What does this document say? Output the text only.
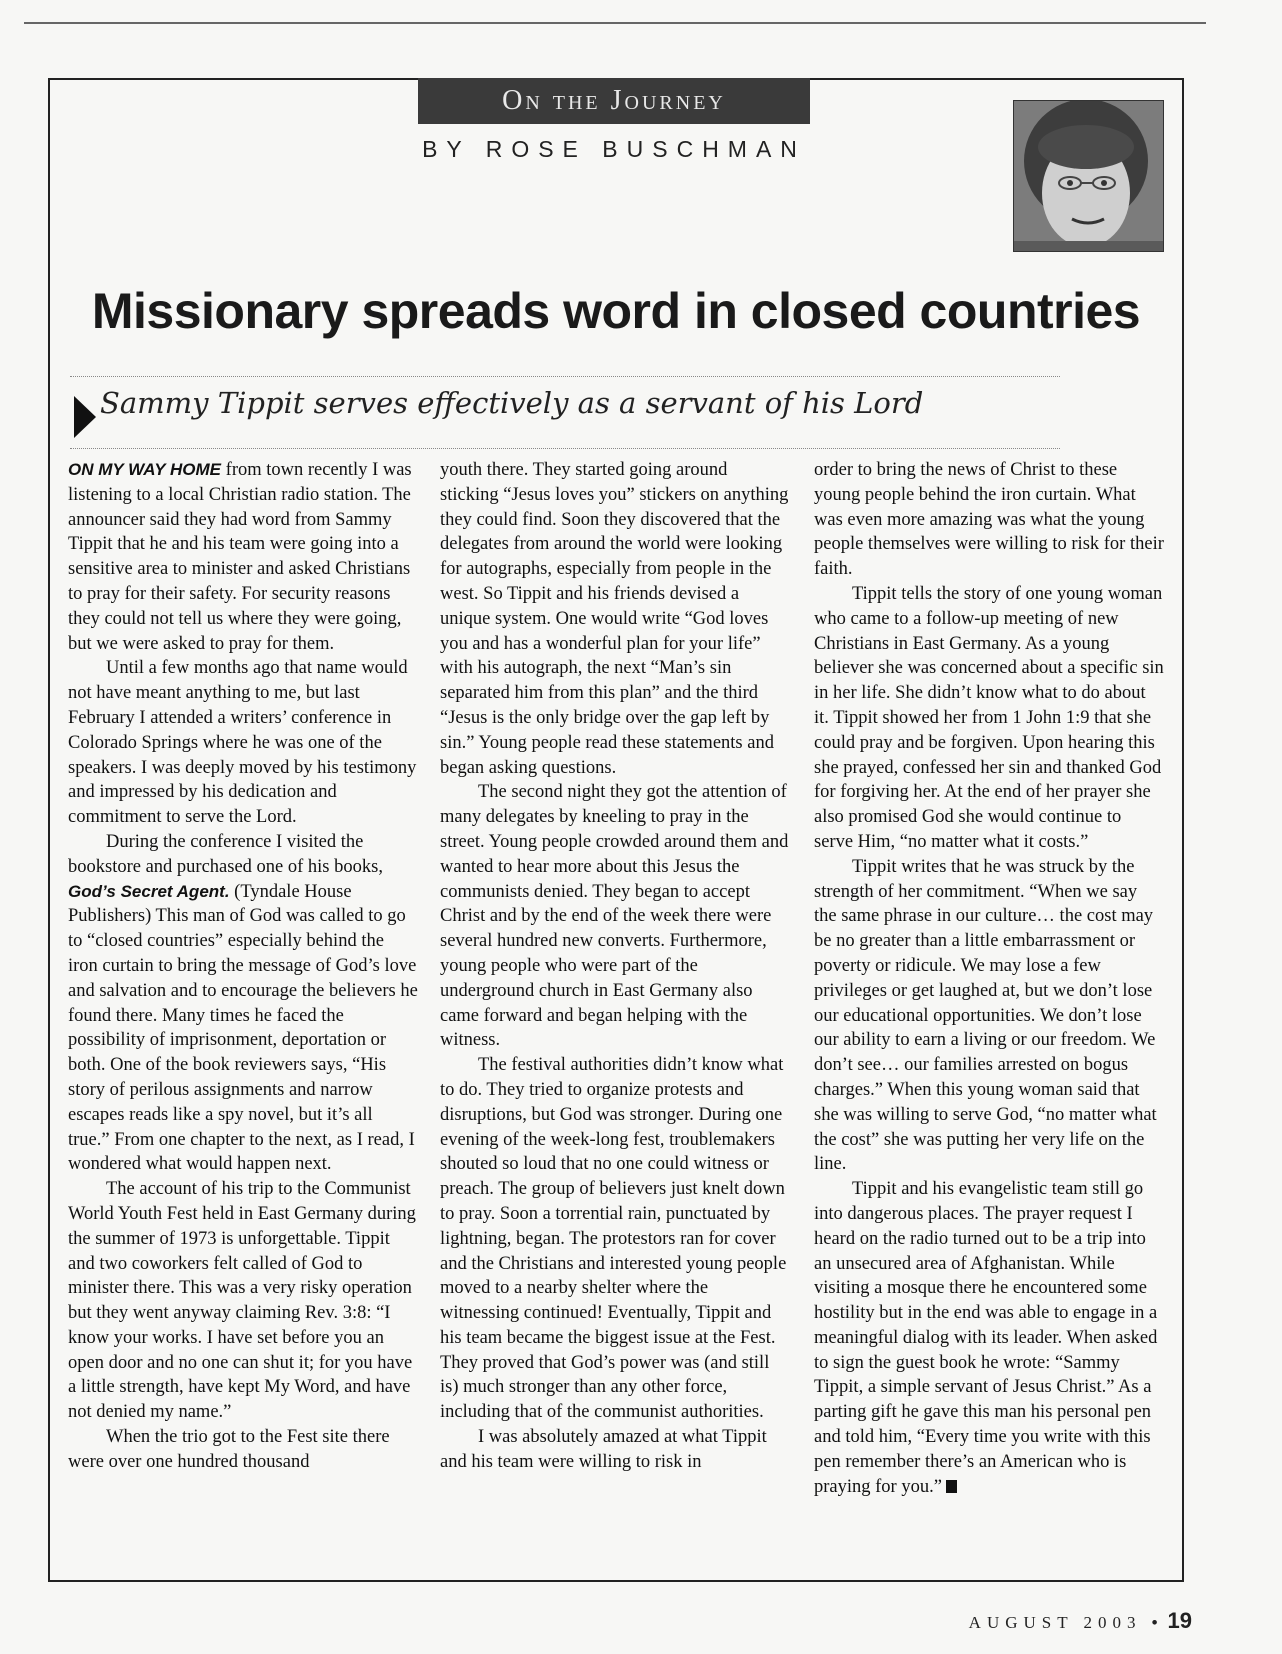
On the Journey
BY ROSE BUSCHMAN
Missionary spreads word in closed countries
Sammy Tippit serves effectively as a servant of his Lord

ON MY WAY HOME from town recently I was listening to a local Christian radio station. The announcer said they had word from Sammy Tippit that he and his team were going into a sensitive area to minister and asked Christians to pray for their safety. For security reasons they could not tell us where they were going, but we were asked to pray for them.

Until a few months ago that name would not have meant anything to me, but last February I attended a writers’ conference in Colorado Springs where he was one of the speakers. I was deeply moved by his testimony and impressed by his dedication and commitment to serve the Lord.

During the conference I visited the bookstore and purchased one of his books, God’s Secret Agent. (Tyndale House Publishers) This man of God was called to go to “closed countries” especially behind the iron curtain to bring the message of God’s love and salvation and to encourage the believers he found there. Many times he faced the possibility of imprisonment, deportation or both. One of the book reviewers says, “His story of perilous assignments and narrow escapes reads like a spy novel, but it’s all true.” From one chapter to the next, as I read, I wondered what would happen next.

The account of his trip to the Communist World Youth Fest held in East Germany during the summer of 1973 is unforgettable. Tippit and two coworkers felt called of God to minister there. This was a very risky operation but they went anyway claiming Rev. 3:8: “I know your works. I have set before you an open door and no one can shut it; for you have a little strength, have kept My Word, and have not denied my name.”

When the trio got to the Fest site there were over one hundred thousand

youth there. They started going around sticking “Jesus loves you” stickers on anything they could find. Soon they discovered that the delegates from around the world were looking for autographs, especially from people in the west. So Tippit and his friends devised a unique system. One would write “God loves you and has a wonderful plan for your life” with his autograph, the next “Man’s sin separated him from this plan” and the third “Jesus is the only bridge over the gap left by sin.” Young people read these statements and began asking questions.

The second night they got the attention of many delegates by kneeling to pray in the street. Young people crowded around them and wanted to hear more about this Jesus the communists denied. They began to accept Christ and by the end of the week there were several hundred new converts. Furthermore, young people who were part of the underground church in East Germany also came forward and began helping with the witness.

The festival authorities didn’t know what to do. They tried to organize protests and disruptions, but God was stronger. During one evening of the week-long fest, troublemakers shouted so loud that no one could witness or preach. The group of believers just knelt down to pray. Soon a torrential rain, punctuated by lightning, began. The protestors ran for cover and the Christians and interested young people moved to a nearby shelter where the witnessing continued! Eventually, Tippit and his team became the biggest issue at the Fest. They proved that God’s power was (and still is) much stronger than any other force, including that of the communist authorities.

I was absolutely amazed at what Tippit and his team were willing to risk in

order to bring the news of Christ to these young people behind the iron curtain. What was even more amazing was what the young people themselves were willing to risk for their faith.

Tippit tells the story of one young woman who came to a follow-up meeting of new Christians in East Germany. As a young believer she was concerned about a specific sin in her life. She didn’t know what to do about it. Tippit showed her from 1 John 1:9 that she could pray and be forgiven. Upon hearing this she prayed, confessed her sin and thanked God for forgiving her. At the end of her prayer she also promised God she would continue to serve Him, “no matter what it costs.”

Tippit writes that he was struck by the strength of her commitment. “When we say the same phrase in our culture… the cost may be no greater than a little embarrassment or poverty or ridicule. We may lose a few privileges or get laughed at, but we don’t lose our educational opportunities. We don’t lose our ability to earn a living or our freedom. We don’t see… our families arrested on bogus charges.” When this young woman said that she was willing to serve God, “no matter what the cost” she was putting her very life on the line.

Tippit and his evangelistic team still go into dangerous places. The prayer request I heard on the radio turned out to be a trip into an unsecured area of Afghanistan. While visiting a mosque there he encountered some hostility but in the end was able to engage in a meaningful dialog with its leader. When asked to sign the guest book he wrote: “Sammy Tippit, a simple servant of Jesus Christ.” As a parting gift he gave this man his personal pen and told him, “Every time you write with this pen remember there’s an American who is praying for you.”

AUGUST 2003 • 19
